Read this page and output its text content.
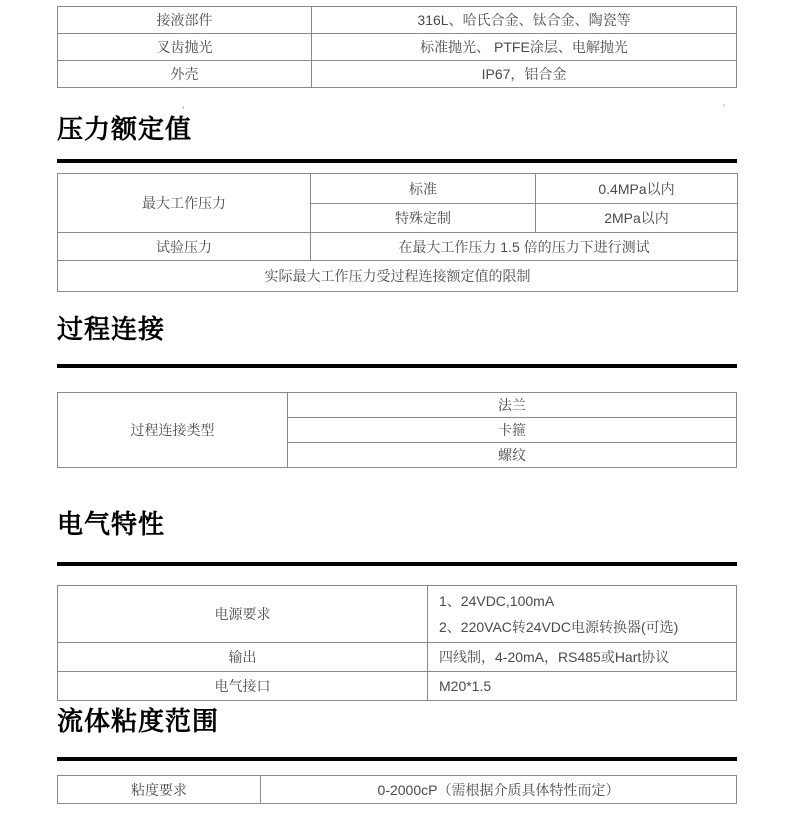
接液部件	316L、哈氏合金、钛合金、陶瓷等
叉齿抛光	标准抛光、 PTFE涂层、电解抛光
外壳	IP67，铝合金
’	’
压力额定值
最大工作压力	标准	0.4MPa以内
	特殊定制	2MPa以内
试验压力	在最大工作压力 1.5 倍的压力下进行测试	
实际最大工作压力受过程连接额定值的限制		
过程连接
过程连接类型	法兰
卡箍
螺纹
电气特性
电源要求	1、24VDC,100mA
2、220VAC转24VDC电源转换器(可选)

输出	四线制，4-20mA，RS485或Hart协议
电气接口	M20*1.5
流体粘度范围
粘度要求	0-2000cP（需根据介质具体特性而定）
